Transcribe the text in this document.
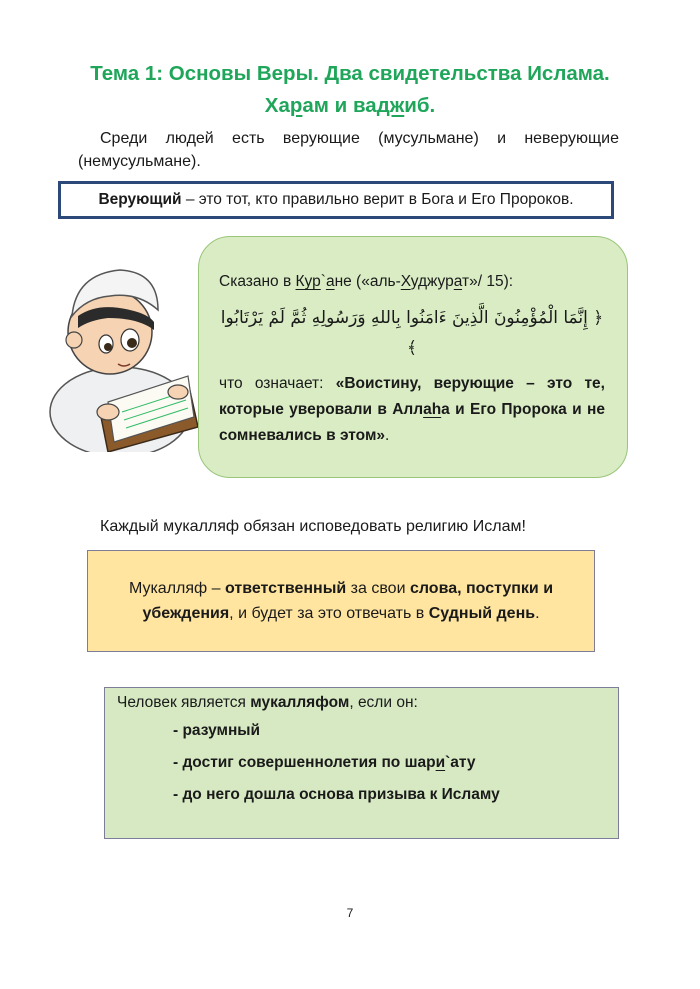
Тема 1: Основы Веры. Два свидетельства Ислама.
Харам и ваджиб.
Среди людей есть верующие (мусульмане) и неверующие (немусульмане).
Верующий – это тот, кто правильно верит в Бога и Его Пророков.
Сказано в Кур`ане («аль-Худжурат»/ 15):
﴿ إِنَّمَا الْمُؤْمِنُونَ الَّذِينَ ءَامَنُوا بِاللهِ وَرَسُولِهِ ثُمَّ لَمْ يَرْتَابُوا ﴾
что означает: «Воистину, верующие – это те, которые уверовали в Аллаhа и Его Пророка и не сомневались в этом».
Каждый мукалляф обязан исповедовать религию Ислам!
Мукалляф – ответственный за свои слова, поступки и убеждения, и будет за это отвечать в Судный день.
Человек является мукалляфом, если он:
- разумный
- достиг совершеннолетия по шари`ату
- до него дошла основа призыва к Исламу
7
